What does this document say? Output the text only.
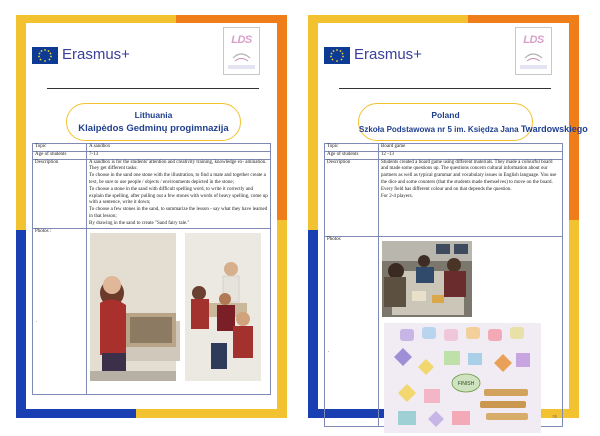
Erasmus+
LDS
Lithuania
Klaipėdos Gedminų progimnazija
Topic	A sandbox
Age of students	7-13
Description	A sandbox is for the students' attention and creativity training, knowledge ex- amination. They get different tasks:

To choose in the sand one stone with the illustration, to find a mate and together create a text, be sure to use people / objects / environments depicted in the stone;

To choose a stone in the sand with difficult spelling word, to write it correctly and explain the spelling, after pulling out a few stones with words of heavy spelling, come up with a sentence, write it down;

To choose a few stones in the sand, to summarize the lesson - say what they have learned in that lesson;

By drawing in the sand to create "Sand fairy tale."

Photos :
.

Erasmus+
LDS
Poland
Szkoła Podstawowa nr 5 im. Księdza Jana Twardowskiego
Topic	Board game
Age of students	12 -13
Description	Students created a board game using different materials. They made a colourful board and made some questions up. The questions concern cultural information about our partners as well as typical grammar and vocabulary issues in English language. You use the dice and some counters (that the students made themselves) to move on the board. Every field has different colour and on that depends the question.

For 2-4 players.

Photos
.	FINISH
55
